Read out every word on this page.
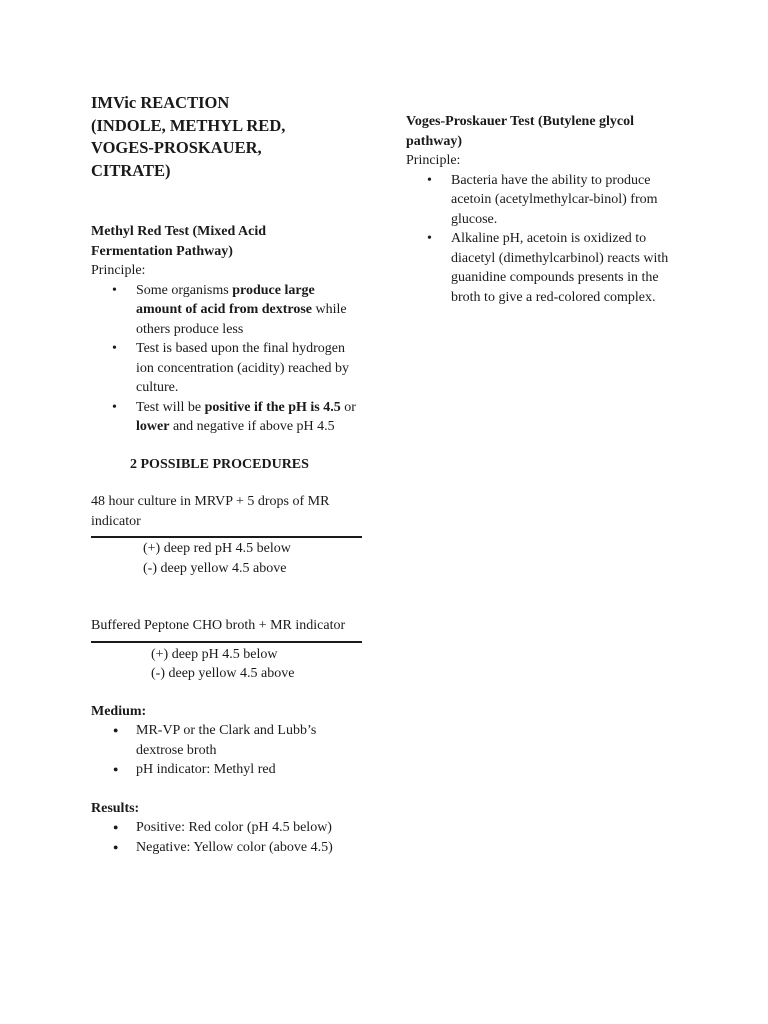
IMVic REACTION

(INDOLE, METHYL RED,

VOGES-PROSKAUER,

CITRATE)

Methyl Red Test (Mixed Acid

Fermentation Pathway)

Principle:

• Some organisms produce large amount of acid from dextrose while others produce less
• Test is based upon the final hydrogen ion concentration (acidity) reached by culture.
• Test will be positive if the pH is 4.5 or lower and negative if above pH 4.5

2 POSSIBLE PROCEDURES

48 hour culture in MRVP + 5 drops of MR indicator

(+) deep red pH 4.5 below

(-) deep yellow 4.5 above

Buffered Peptone CHO broth + MR indicator

(+) deep pH 4.5 below

(-) deep yellow 4.5 above

Medium:

● MR-VP or the Clark and Lubb’s dextrose broth
● pH indicator: Methyl red

Results:

● Positive: Red color (pH 4.5 below)
● Negative: Yellow color (above 4.5)

Voges-Proskauer Test (Butylene glycol

pathway)

Principle:

• Bacteria have the ability to produce acetoin (acetylmethylcar-binol) from glucose.
• Alkaline pH, acetoin is oxidized to diacetyl (dimethylcarbinol) reacts with guanidine compounds presents in the broth to give a red-colored complex.
